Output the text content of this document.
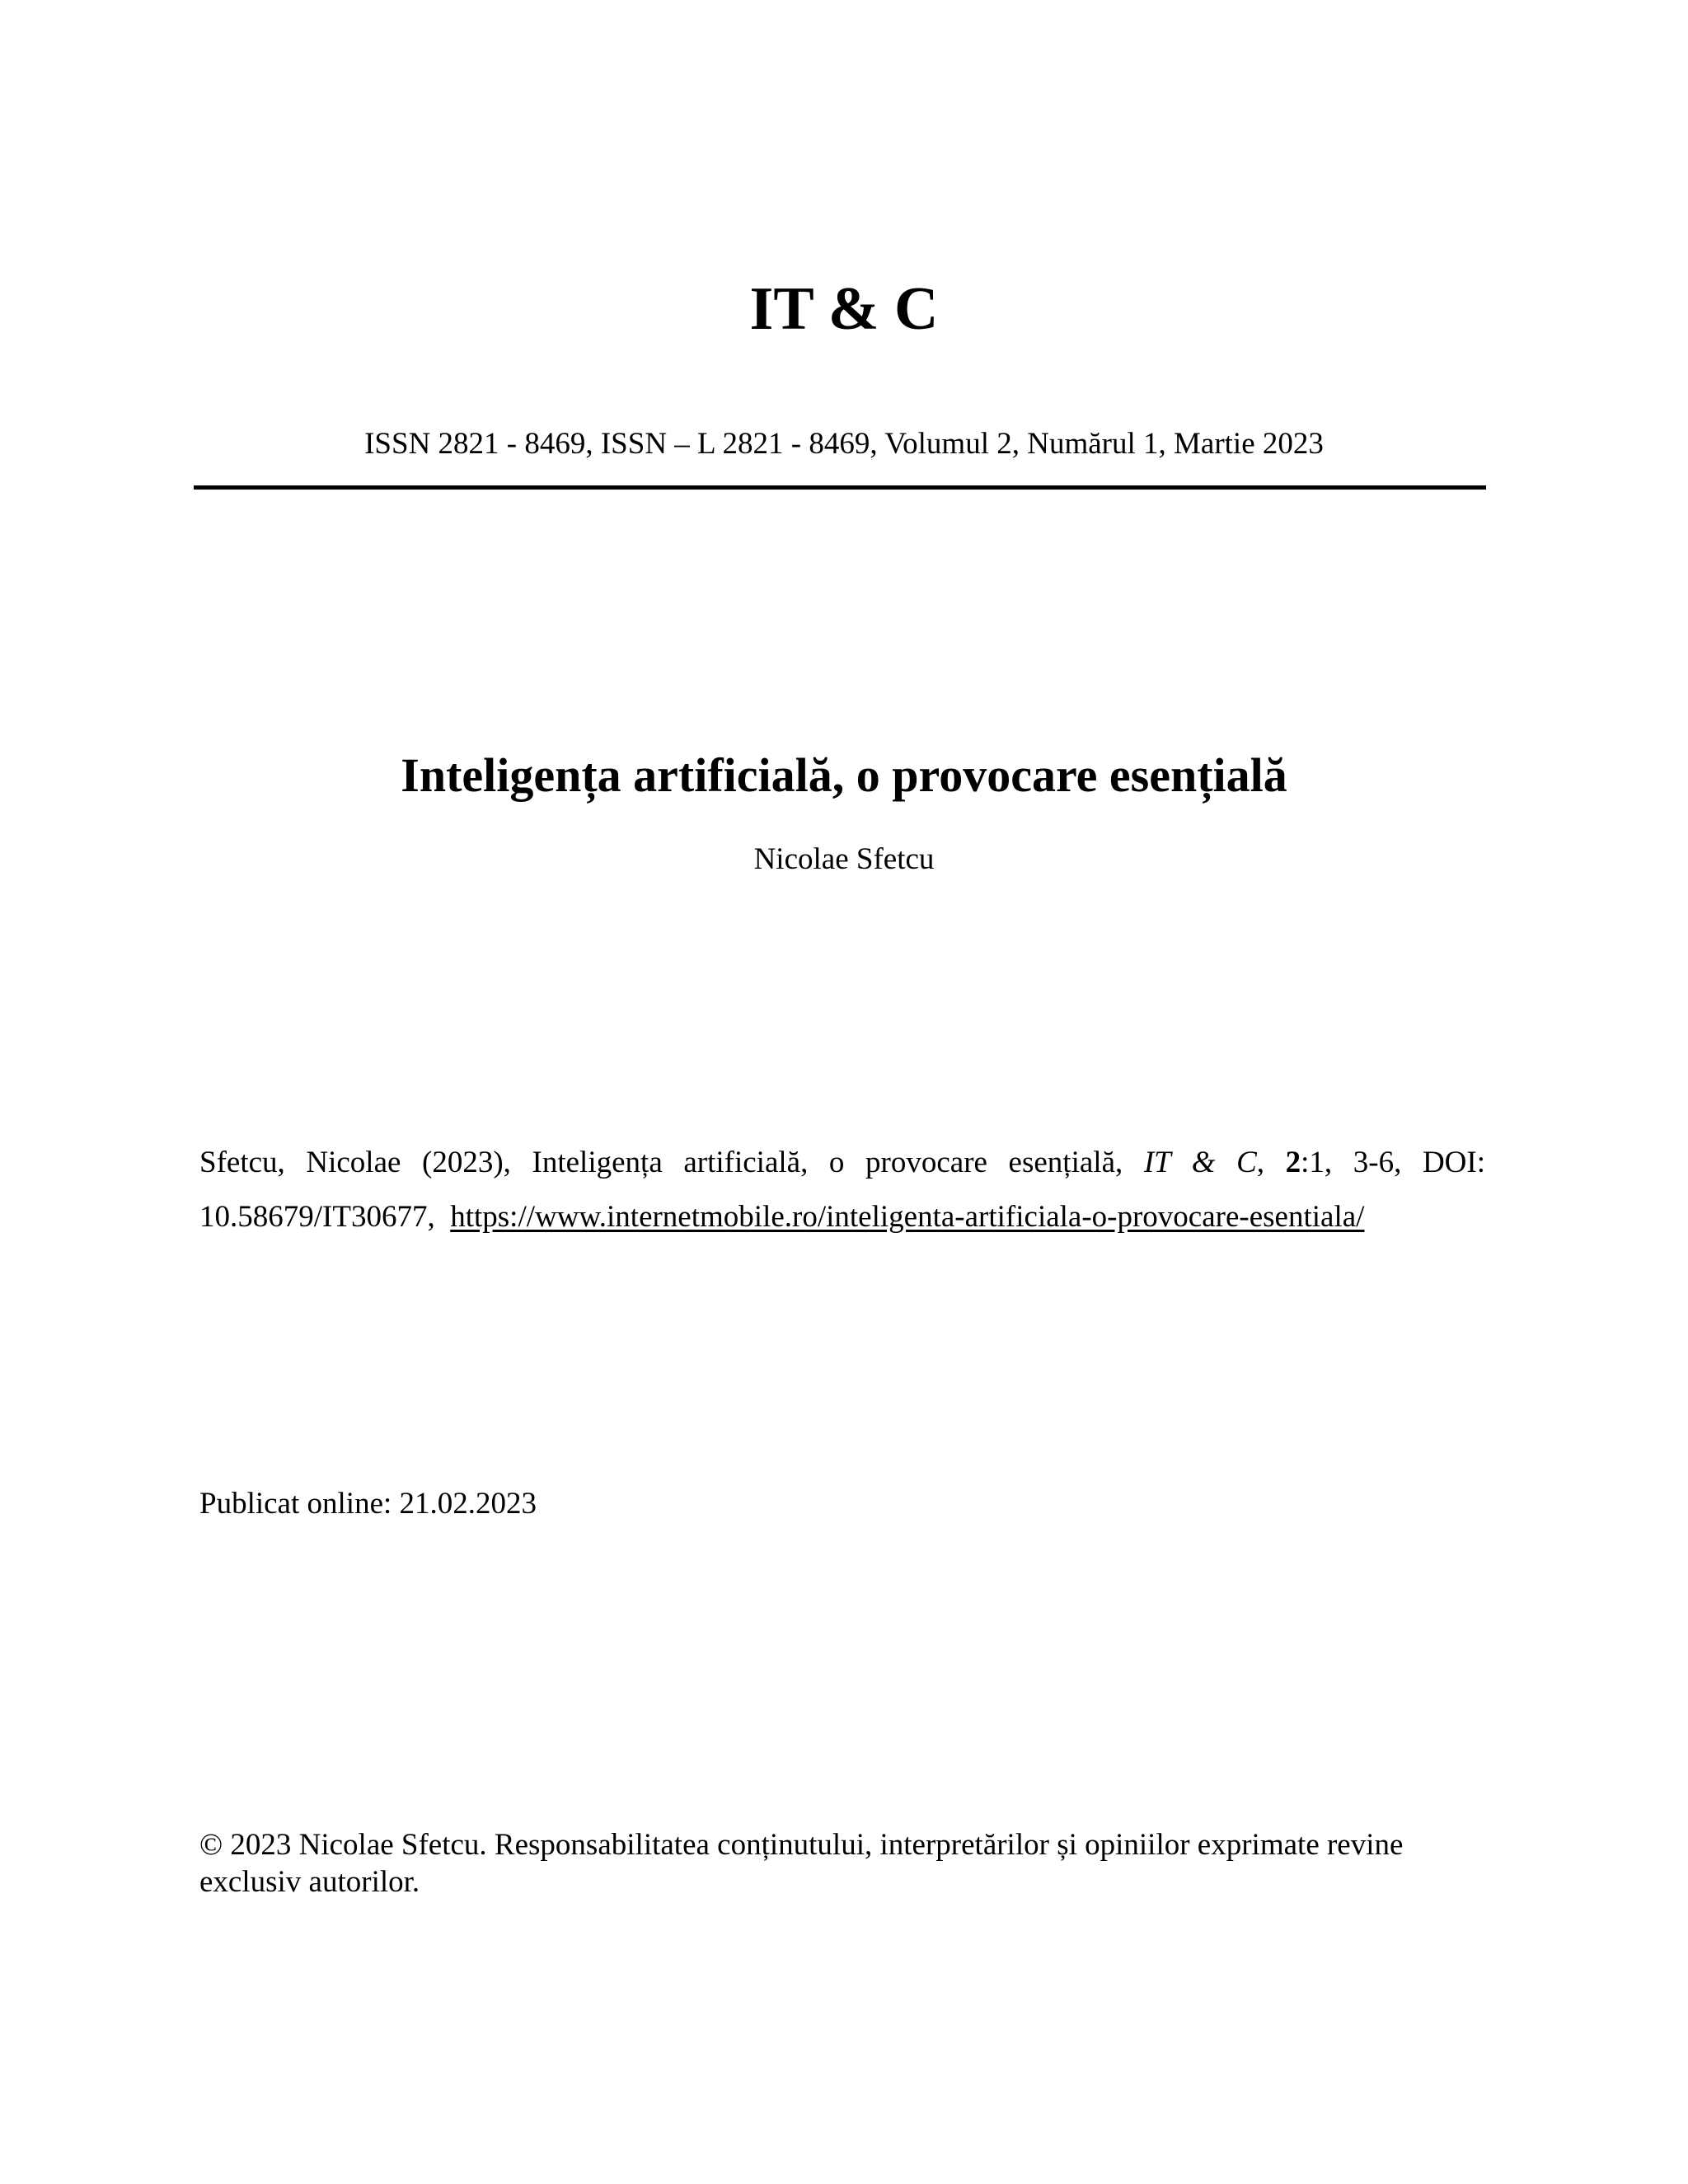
IT & C
ISSN 2821 - 8469, ISSN – L 2821 - 8469, Volumul 2, Numărul 1, Martie 2023
Inteligența artificială, o provocare esențială
Nicolae Sfetcu
Sfetcu, Nicolae (2023), Inteligența artificială, o provocare esențială, IT & C, 2:1, 3-6, DOI:
10.58679/IT30677, https://www.internetmobile.ro/inteligenta-artificiala-o-provocare-esentiala/
Publicat online: 21.02.2023
© 2023 Nicolae Sfetcu. Responsabilitatea conținutului, interpretărilor și opiniilor exprimate revine exclusiv autorilor.
